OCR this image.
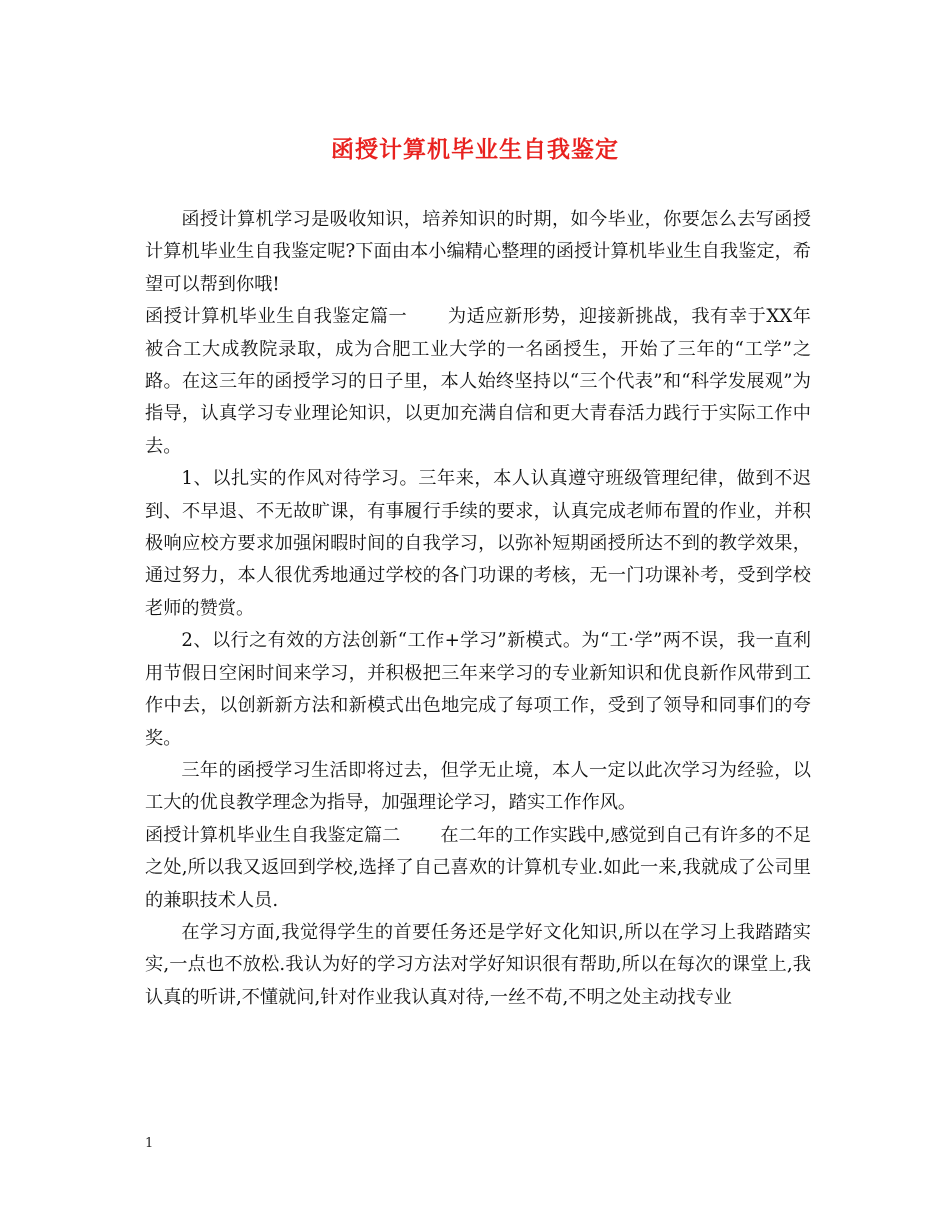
函授计算机毕业生自我鉴定

函授计算机学习是吸收知识，培养知识的时期，如今毕业，你要怎么去写函授计算机毕业生自我鉴定呢?下面由本小编精心整理的函授计算机毕业生自我鉴定，希望可以帮到你哦!

函授计算机毕业生自我鉴定篇一 为适应新形势，迎接新挑战，我有幸于XX年被合工大成教院录取，成为合肥工业大学的一名函授生，开始了三年的“工学”之路。在这三年的函授学习的日子里，本人始终坚持以“三个代表”和“科学发展观”为指导，认真学习专业理论知识，以更加充满自信和更大青春活力践行于实际工作中去。

1、以扎实的作风对待学习。三年来，本人认真遵守班级管理纪律，做到不迟到、不早退、不无故旷课，有事履行手续的要求，认真完成老师布置的作业，并积极响应校方要求加强闲暇时间的自我学习，以弥补短期函授所达不到的教学效果，通过努力，本人很优秀地通过学校的各门功课的考核，无一门功课补考，受到学校老师的赞赏。

2、以行之有效的方法创新“工作+学习”新模式。为“工·学”两不误，我一直利用节假日空闲时间来学习，并积极把三年来学习的专业新知识和优良新作风带到工作中去，以创新新方法和新模式出色地完成了每项工作，受到了领导和同事们的夸奖。

三年的函授学习生活即将过去，但学无止境，本人一定以此次学习为经验，以工大的优良教学理念为指导，加强理论学习，踏实工作作风。

函授计算机毕业生自我鉴定篇二 在二年的工作实践中,感觉到自己有许多的不足之处,所以我又返回到学校,选择了自己喜欢的计算机专业.如此一来,我就成了公司里的兼职技术人员.

在学习方面,我觉得学生的首要任务还是学好文化知识,所以在学习上我踏踏实实,一点也不放松.我认为好的学习方法对学好知识很有帮助,所以在每次的课堂上,我认真的听讲,不懂就问,针对作业我认真对待,一丝不苟,不明之处主动找专业

1
